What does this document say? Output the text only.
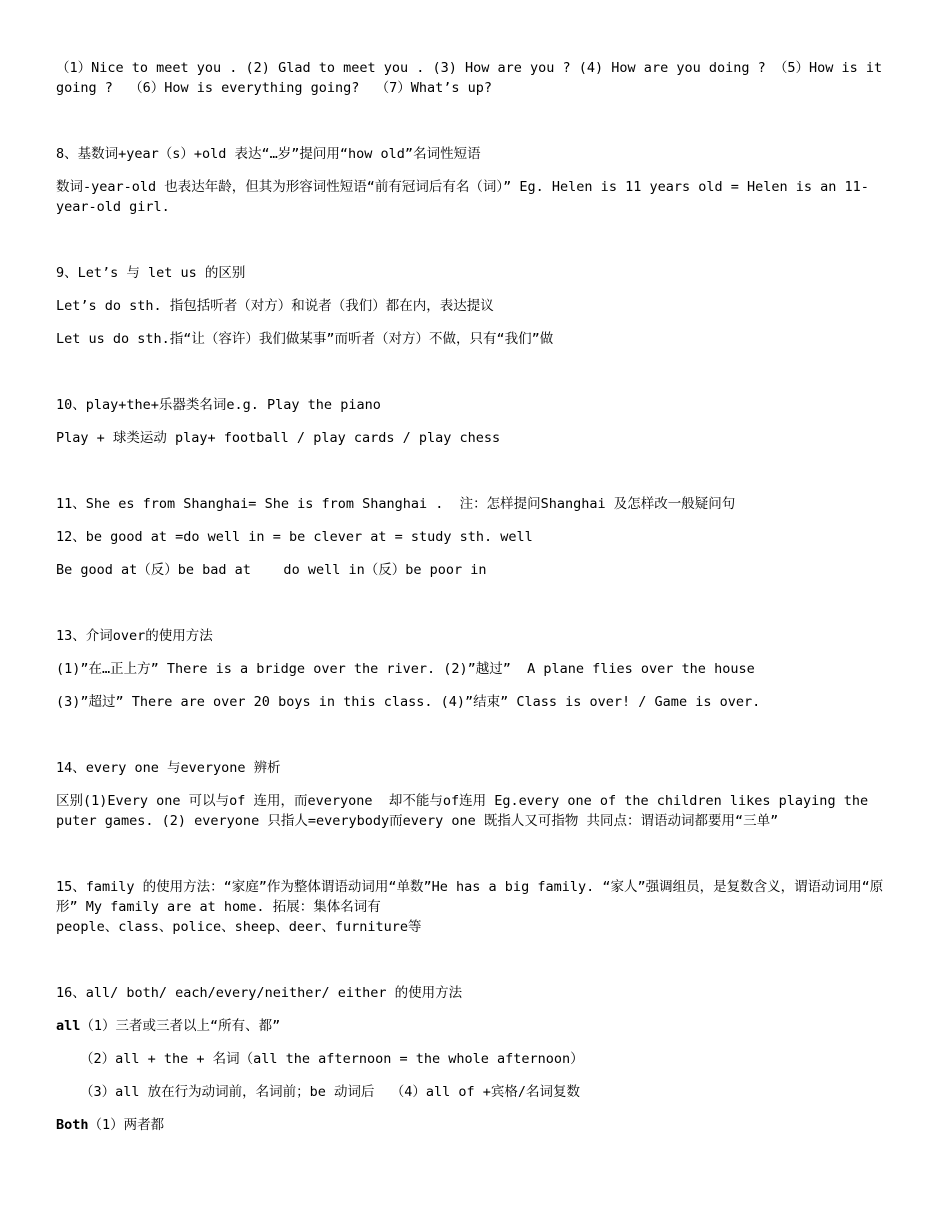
（1）Nice to meet you . (2) Glad to meet you . (3) How are you ? (4) How are you doing ? （5）How is it going ?  （6）How is everything going?  （7）What’s up?

8、基数词+year（s）+old 表达“…岁”提问用“how old”名词性短语

数词-year-old 也表达年龄，但其为形容词性短语“前有冠词后有名（词）” Eg. Helen is 11 years old = Helen is an 11-year-old girl.

9、Let’s 与 let us 的区别

Let’s do sth. 指包括听者（对方）和说者（我们）都在内，表达提议

Let us do sth.指“让（容许）我们做某事”而听者（对方）不做，只有“我们”做

10、play+the+乐器类名词e.g. Play the piano

Play + 球类运动 play+ football / play cards / play chess

11、She es from Shanghai= She is from Shanghai .  注：怎样提问Shanghai 及怎样改一般疑问句

12、be good at =do well in = be clever at = study sth. well

Be good at（反）be bad at    do well in（反）be poor in

13、介词over的使用方法

(1)”在…正上方” There is a bridge over the river. (2)”越过”  A plane flies over the house

(3)”超过” There are over 20 boys in this class. (4)”结束” Class is over! / Game is over.

14、every one 与everyone 辨析

区别(1)Every one 可以与of 连用，而everyone  却不能与of连用 Eg.every one of the children likes playing the puter games. (2) everyone 只指人=everybody而every one 既指人又可指物 共同点：谓语动词都要用“三单”

15、family 的使用方法：“家庭”作为整体谓语动词用“单数”He has a big family. “家人”强调组员，是复数含义，谓语动词用“原形” My family are at home. 拓展：集体名词有

people、class、police、sheep、deer、furniture等

16、all/ both/ each/every/neither/ either 的使用方法

all（1）三者或三者以上“所有、都”

（2）all + the + 名词（all the afternoon = the whole afternoon）

（3）all 放在行为动词前，名词前；be 动词后  （4）all of +宾格/名词复数

Both（1）两者都
